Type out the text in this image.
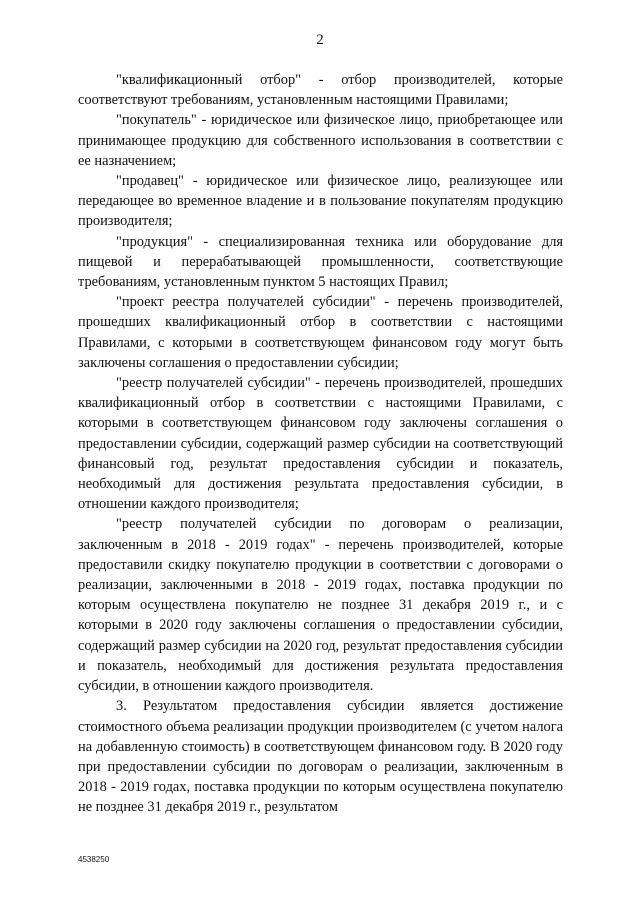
2

"квалификационный отбор" - отбор производителей, которые соответствуют требованиям, установленным настоящими Правилами;

"покупатель" - юридическое или физическое лицо, приобретающее или принимающее продукцию для собственного использования в соответствии с ее назначением;

"продавец" - юридическое или физическое лицо, реализующее или передающее во временное владение и в пользование покупателям продукцию производителя;

"продукция" - специализированная техника или оборудование для пищевой и перерабатывающей промышленности, соответствующие требованиям, установленным пунктом 5 настоящих Правил;

"проект реестра получателей субсидии" - перечень производителей, прошедших квалификационный отбор в соответствии с настоящими Правилами, с которыми в соответствующем финансовом году могут быть заключены соглашения о предоставлении субсидии;

"реестр получателей субсидии" - перечень производителей, прошедших квалификационный отбор в соответствии с настоящими Правилами, с которыми в соответствующем финансовом году заключены соглашения о предоставлении субсидии, содержащий размер субсидии на соответствующий финансовый год, результат предоставления субсидии и показатель, необходимый для достижения результата предоставления субсидии, в отношении каждого производителя;

"реестр получателей субсидии по договорам о реализации, заключенным в 2018 - 2019 годах" - перечень производителей, которые предоставили скидку покупателю продукции в соответствии с договорами о реализации, заключенными в 2018 - 2019 годах, поставка продукции по которым осуществлена покупателю не позднее 31 декабря 2019 г., и с которыми в 2020 году заключены соглашения о предоставлении субсидии, содержащий размер субсидии на 2020 год, результат предоставления субсидии и показатель, необходимый для достижения результата предоставления субсидии, в отношении каждого производителя.

3. Результатом предоставления субсидии является достижение стоимостного объема реализации продукции производителем (с учетом налога на добавленную стоимость) в соответствующем финансовом году. В 2020 году при предоставлении субсидии по договорам о реализации, заключенным в 2018 - 2019 годах, поставка продукции по которым осуществлена покупателю не позднее 31 декабря 2019 г., результатом

4538250
